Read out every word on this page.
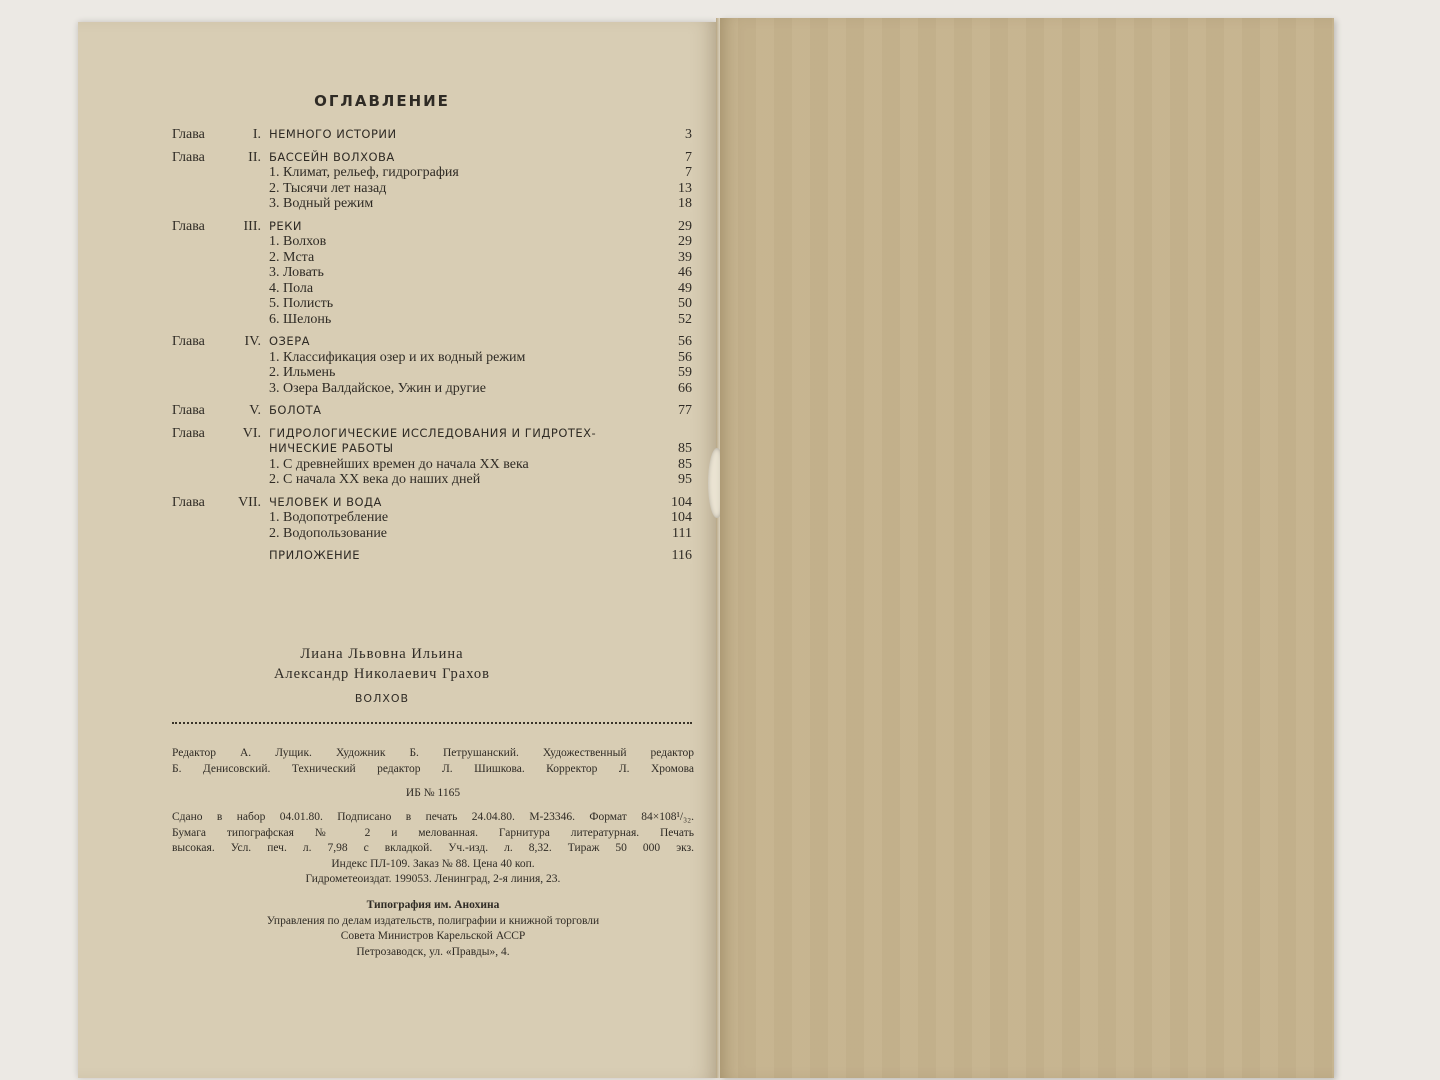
ОГЛАВЛЕНИЕ
Глава	I. НЕМНОГО ИСТОРИИ . . .	3
Глава	II. БАССЕЙН ВОЛХОВА . . .	7
1. Климат, рельеф, гидрография . . .	7
2. Тысячи лет назад . . .	13
3. Водный режим . . .	18
Глава	III. РЕКИ . . .	29
1. Волхов . . .	29
2. Мста . . .	39
3. Ловать . . .	46
4. Пола . . .	49
5. Полисть . . .	50
6. Шелонь . . .	52
Глава	IV. ОЗЕРА . . .	56
1. Классификация озер и их водный режим . . .	56
2. Ильмень . . .	59
3. Озера Валдайское, Ужин и другие . . .	66
Глава	V. БОЛОТА . . .	77
Глава	VI. ГИДРОЛОГИЧЕСКИЕ ИССЛЕДОВАНИЯ И ГИДРОТЕХ-
НИЧЕСКИЕ РАБОТЫ . . .	85
1. С древнейших времен до начала XX века . . .	85
2. С начала XX века до наших дней . . .	95
Глава	VII. ЧЕЛОВЕК И ВОДА . . .	104
1. Водопотребление . . .	104
2. Водопользование . . .	111
ПРИЛОЖЕНИЕ . . .	116
Лиана Львовна Ильина
Александр Николаевич Грахов
ВОЛХОВ

Редактор А. Лущик. Художник Б. Петрушанский. Художественный редактор

Б. Денисовский. Технический редактор Л. Шишкова. Корректор Л. Хромова

ИБ № 1165

Сдано в набор 04.01.80. Подписано в печать 24.04.80. М-23346. Формат 84×108¹/₃₂.

Бумага типографская № 2 и мелованная. Гарнитура литературная. Печать

высокая. Усл. печ. л. 7,98 с вкладкой. Уч.-изд. л. 8,32. Тираж 50 000 экз.

Индекс ПЛ-109. Заказ № 88. Цена 40 коп.

Гидрометеоиздат. 199053. Ленинград, 2-я линия, 23.

Типография им. Анохина

Управления по делам издательств, полиграфии и книжной торговли

Совета Министров Карельской АССР

Петрозаводск, ул. «Правды», 4.
